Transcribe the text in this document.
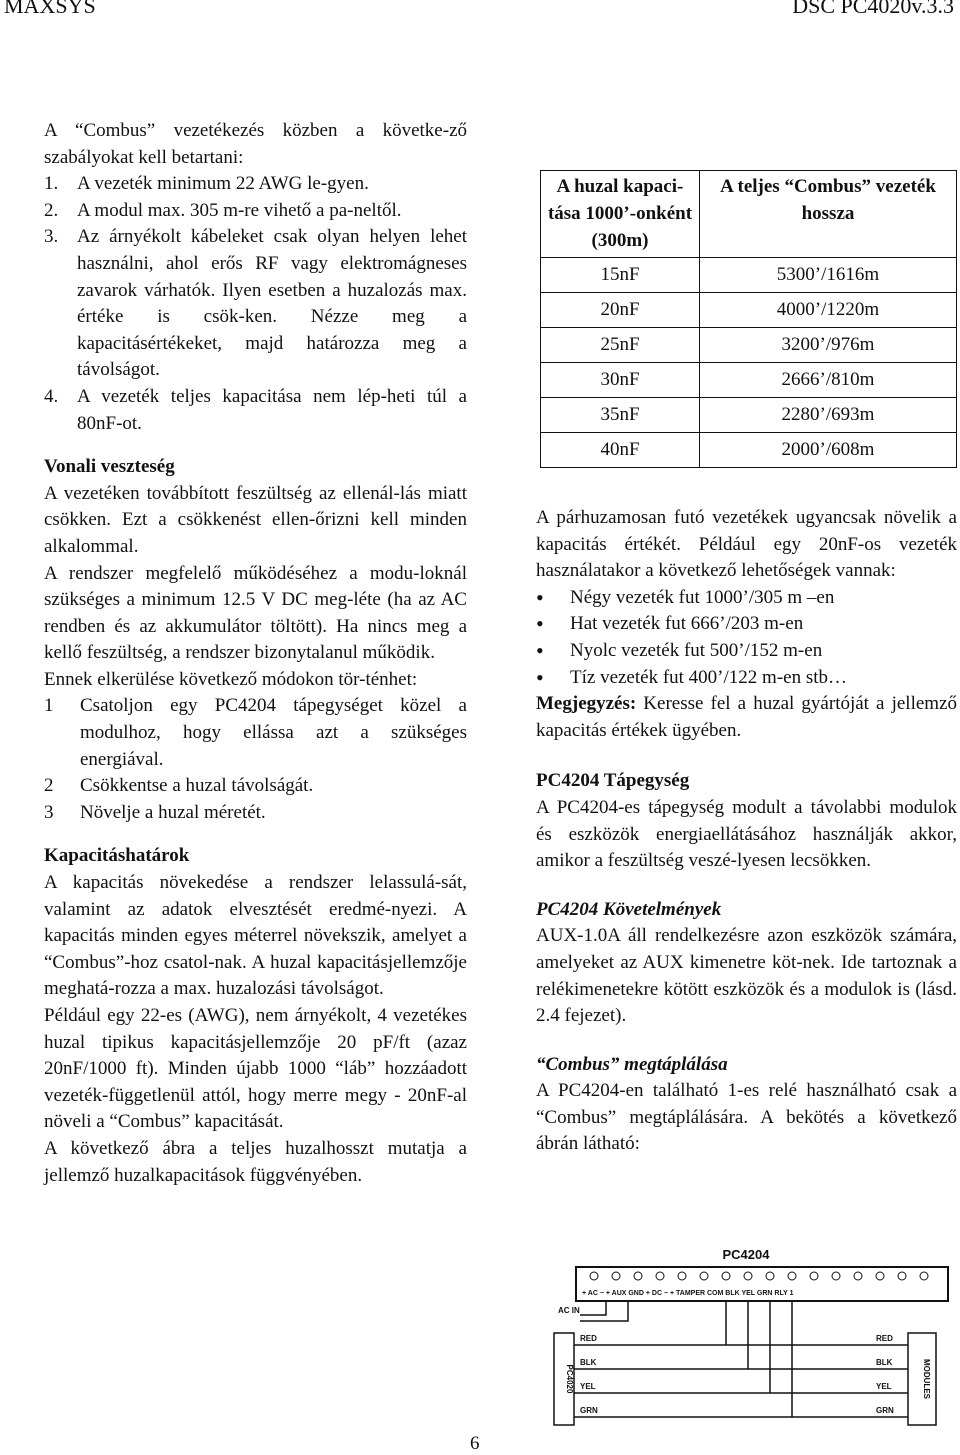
MAXSYS	DSC PC4020v.3.3
A “Combus” vezetékezés közben a követke-ző szabályokat kell betartani:
1. A vezeték minimum 22 AWG le-gyen.
2. A modul max. 305 m-re vihető a pa-neltől.
3. Az árnyékolt kábeleket csak olyan helyen lehet használni, ahol erős RF vagy elektromágneses zavarok várhatók. Ilyen esetben a huzalozás max. értéke is csök-ken. Nézze meg a kapacitásértékeket, majd határozza meg a távolságot.
4. A vezeték teljes kapacitása nem lép-heti túl a 80nF-ot.
Vonali veszteség
A vezetéken továbbított feszültség az ellenál-lás miatt csökken. Ezt a csökkenést ellen-őrizni kell minden alkalommal.
A rendszer megfelelő működéséhez a modu-loknál szükséges a minimum 12.5 V DC meg-léte (ha az AC rendben és az akkumulátor töltött). Ha nincs meg a kellő feszültség, a rendszer bizonytalanul működik.
Ennek elkerülése következő módokon tör-ténhet:
1	Csatoljon egy PC4204 tápegységet közel a modulhoz, hogy ellássa azt a szükséges energiával.
2	Csökkentse a huzal távolságát.
3	Növelje a huzal méretét.
Kapacitáshatárok
A kapacitás növekedése a rendszer lelassulá-sát, valamint az adatok elvesztését eredmé-nyezi. A kapacitás minden egyes méterrel növekszik, amelyet a “Combus”-hoz csatol-nak. A huzal kapacitásjellemzője meghatá-rozza a max. huzalozási távolságot.
Például egy 22-es (AWG), nem árnyékolt, 4 vezetékes huzal tipikus kapacitásjellemzője 20 pF/ft (azaz 20nF/1000 ft). Minden újabb 1000 “láb” hozzáadott vezeték-függetlenül attól, hogy merre megy - 20nF-al növeli a “Combus” kapacitását.
A következő ábra a teljes huzalhosszt mutatja a jellemző huzalkapacitások függvényében.
A huzal kapaci-tása 1000’-onként (300m)	A teljes “Combus” vezeték hossza
15nF	5300’/1616m
20nF	4000’/1220m
25nF	3200’/976m
30nF	2666’/810m
35nF	2280’/693m
40nF	2000’/608m
A párhuzamosan futó vezetékek ugyancsak növelik a kapacitás értékét. Például egy 20nF-os vezeték használatakor a következő lehetőségek vannak:
•	Négy vezeték fut 1000’/305 m –en
•	Hat vezeték fut 666’/203 m-en
•	Nyolc vezeték fut 500’/152 m-en
•	Tíz vezeték fut 400’/122 m-en stb…
Megjegyzés: Keresse fel a huzal gyártóját a jellemző kapacitás értékek ügyében.
PC4204 Tápegység
A PC4204-es tápegység modult a távolabbi modulok és eszközök energiaellátásához használják akkor, amikor a feszültség veszé-lyesen lecsökken.
PC4204 Követelmények
AUX-1.0A áll rendelkezésre azon eszközök számára, amelyeket az AUX kimenetre köt-nek. Ide tartoznak a relékimenetekre kötött eszközök és a modulok is (lásd. 2.4 fejezet).
“Combus” megtáplálása
A PC4204-en található 1-es relé használható csak a “Combus” megtáplálására. A bekötés a következő ábrán látható:
PC4204
+ AC − + AUX GND + DC − + TAMPER COM BLK YEL GRN RLY 1
AC IN
PC4020	MODULES
RED
BLK
YEL
GRN
RED
BLK
YEL
GRN
6
